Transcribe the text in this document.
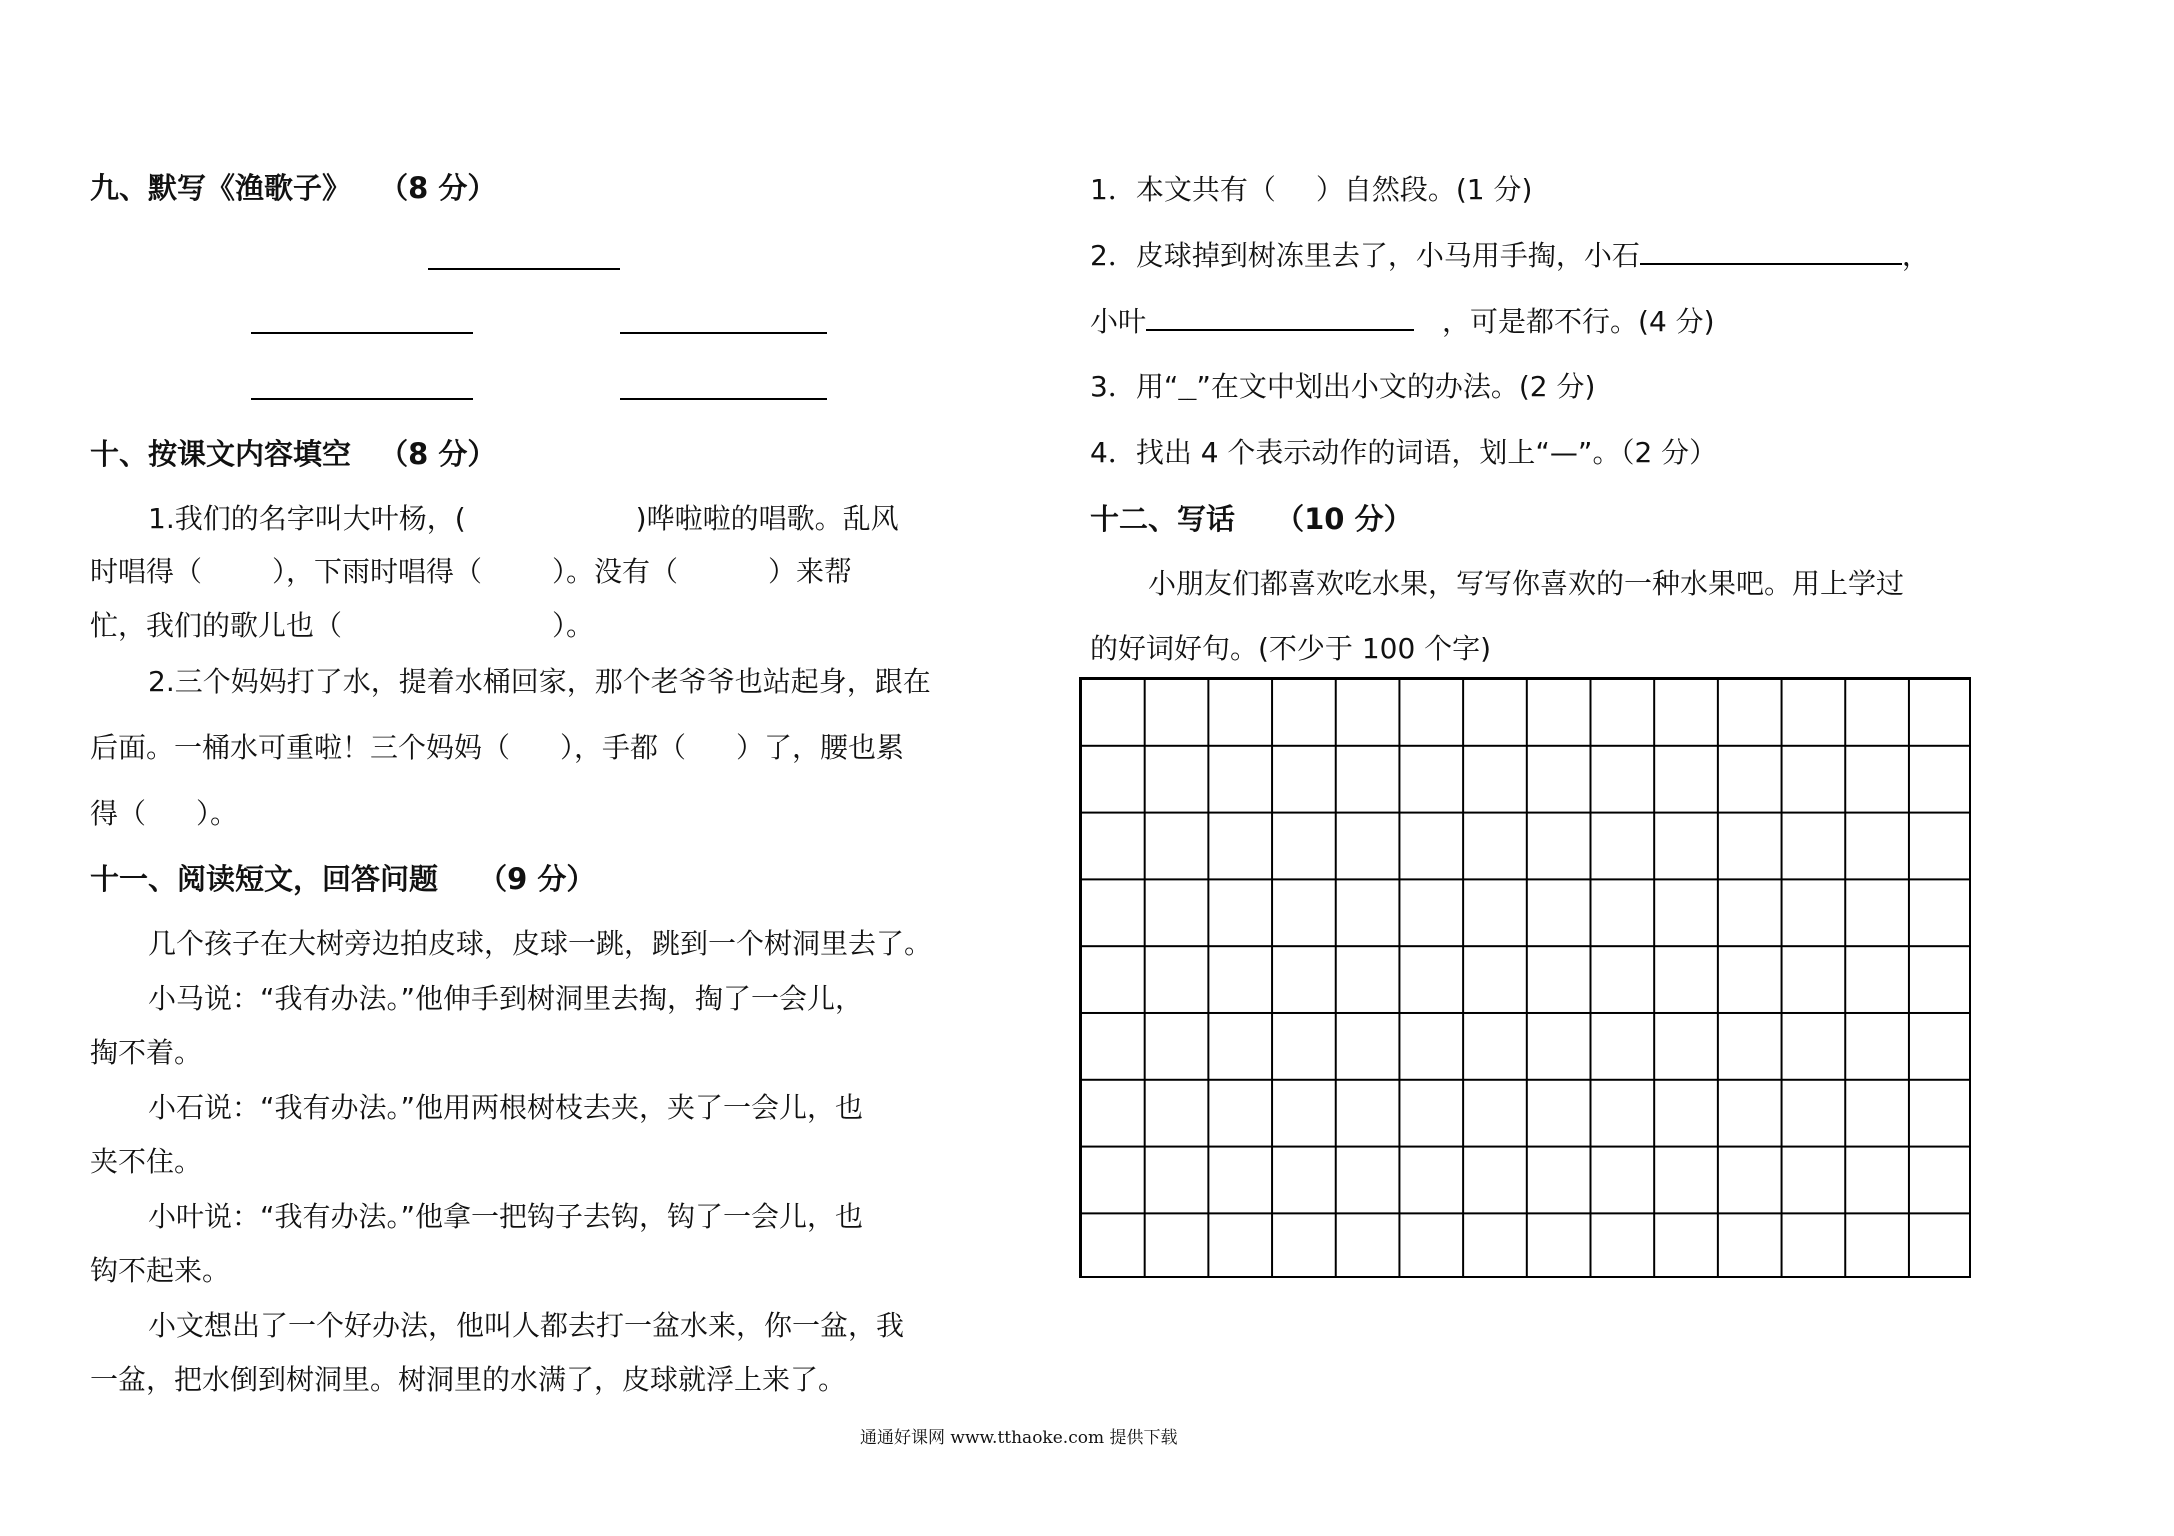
九、默写《渔歌子》 （8 分）
十、按课文内容填空 （8 分）
1.我们的名字叫大叶杨，(	)哗啦啦的唱歌。乱风
时唱得（	），下雨时唱得（	）。没有（	）来帮
忙，我们的歌儿也（	）。
2.三个妈妈打了水，提着水桶回家，那个老爷爷也站起身，跟在
后面。一桶水可重啦！三个妈妈（ ），手都（ ）了，腰也累
得（ ）。
十一、阅读短文，回答问题 （9 分）
几个孩子在大树旁边拍皮球，皮球一跳，跳到一个树洞里去了。
小马说：“我有办法。”他伸手到树洞里去掏，掏了一会儿，
掏不着。
小石说：“我有办法。”他用两根树枝去夹，夹了一会儿，也
夹不住。
小叶说：“我有办法。”他拿一把钩子去钩，钩了一会儿，也
钩不起来。
小文想出了一个好办法，他叫人都去打一盆水来，你一盆，我
一盆，把水倒到树洞里。树洞里的水满了，皮球就浮上来了。
1．本文共有（ ）自然段。(1 分)
2．皮球掉到树冻里去了，小马用手掏，小石	，
小叶	，可是都不行。(4 分)
3．用“__”在文中划出小文的办法。(2 分)
4．找出 4 个表示动作的词语，划上“—”。（2 分）
十二、写话 （10 分）
小朋友们都喜欢吃水果，写写你喜欢的一种水果吧。用上学过
的好词好句。(不少于 100 个字)
通通好课网 www.tthaoke.com 提供下载
